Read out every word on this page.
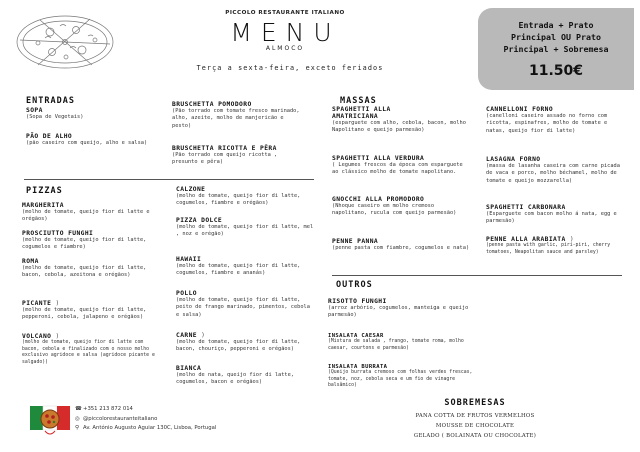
PICCOLO RESTAURANTE ITALIANO
MENU
ALMOCO
Terça a sexta-feira, exceto feriados
Entrada + Prato
Principal OU Prato
Principal + Sobremesa
11.50€
ENTRADAS
SOPA
(Sopa de Vegetais)
PÃO DE ALHO
(pão caseiro com queijo, alho e salsa)
BRUSCHETTA POMODORO
(Pão torrado com tomate fresco marinado, alho, azeite, molho de manjericão e pesto)
BRUSCHETTA RICOTTA E PÊRA
(Pão torrado com queijo ricotta , presunto e pêra)
PIZZAS
MARGHERITA
(molho de tomate, queijo fior di latte e orégãos)
PROSCIUTTO FUNGHI
(molho de tomate, queijo fior di latte, cogumelos e fiambre)
ROMA
(molho de tomate, queijo fior di latte, bacon, cebola, azeitona e orégãos)
PICANTE )
(molho de tomate, queijo fior di latte, pepperoni, cebola, jalapeno e orégãos)
VOLCANO )
(molho de tomate, queijo fior di latte com bacon, cebola e finalizado com o nosso molho exclusivo agridoce e salsa (agridoce picante e salgado))
CALZONE
(molho de tomate, queijo fior di latte, cogumelos, fiambre e orégãos)
PIZZA DOLCE
(molho de tomate, queijo fior di latte, mel , noz e orégão)
HAWAII
(molho de tomate, queijo fior di latte, cogumelos, fiambre e ananás)
POLLO
(molho de tomate, queijo fior di latte, peito de frango marinado, pimentos, cebola e salsa)
CARNE )
(molho de tomate, queijo fior di latte, bacon, chouriço, pepperoni e orégãos)
BIANCA
(molho de nata, queijo fior di latte, cogumelos, bacon e orégãos)
MASSAS
SPAGHETTI ALLA AMATRICIANA
(esparguete com alho, cebola, bacon, molho Napolitano e queijo parmesão)
SPAGHETTI ALLA VERDURA
( Legumes frescos da época com esparguete ao clássico molho de tomate napolitano.
GNOCCHI ALLA PROMODORO
(Nhoque caseiro em molho cremoso napolitano, rucula com queijo parmesão)
PENNE PANNA
(penne pasta com fiambre, cogumelos e nata)
CANNELLONI FORNO
(canelloni caseiro assado no forno com ricotta, espinafres, molho de tomate e natas, queijo fior di latte)
LASAGNA FORNO
(massa de lasanha caseira com carne picada de vaca e porco, molho béchamel, molho de tomate e queijo mozzarella)
SPAGHETTI CARBONARA
(Esparguete com bacon molho á nata, egg e parmesão)
PENNE ALLA ARABIATA )
(penne pasta with garlic, piri-piri, cherry tomatoes, Neapolitan sauce and parsley)
OUTROS
RISOTTO FUNGHI
(arroz arbório, cogumelos, manteiga e queijo parmesão)
INSALATA CAESAR
(Mistura de salada , frango, tomate roma, molho caesar, courtons e parmesão)
INSALATA BURRATA
(Queijo burrata cremoso com folhas verdes frescas, tomate, noz, cebola seca e um fio de vinagre balsâmico)
SOBREMESAS
PANA COTTA DE FRUTOS VERMELHOS
MOUSSE DE CHOCOLATE
GELADO ( BOLAINATA OU CHOCOLATE)
☎+351 213 872 014
◎ @piccolorestauranteitaliano
⚲ Av. António Augusto Aguiar 130C, Lisboa, Portugal
